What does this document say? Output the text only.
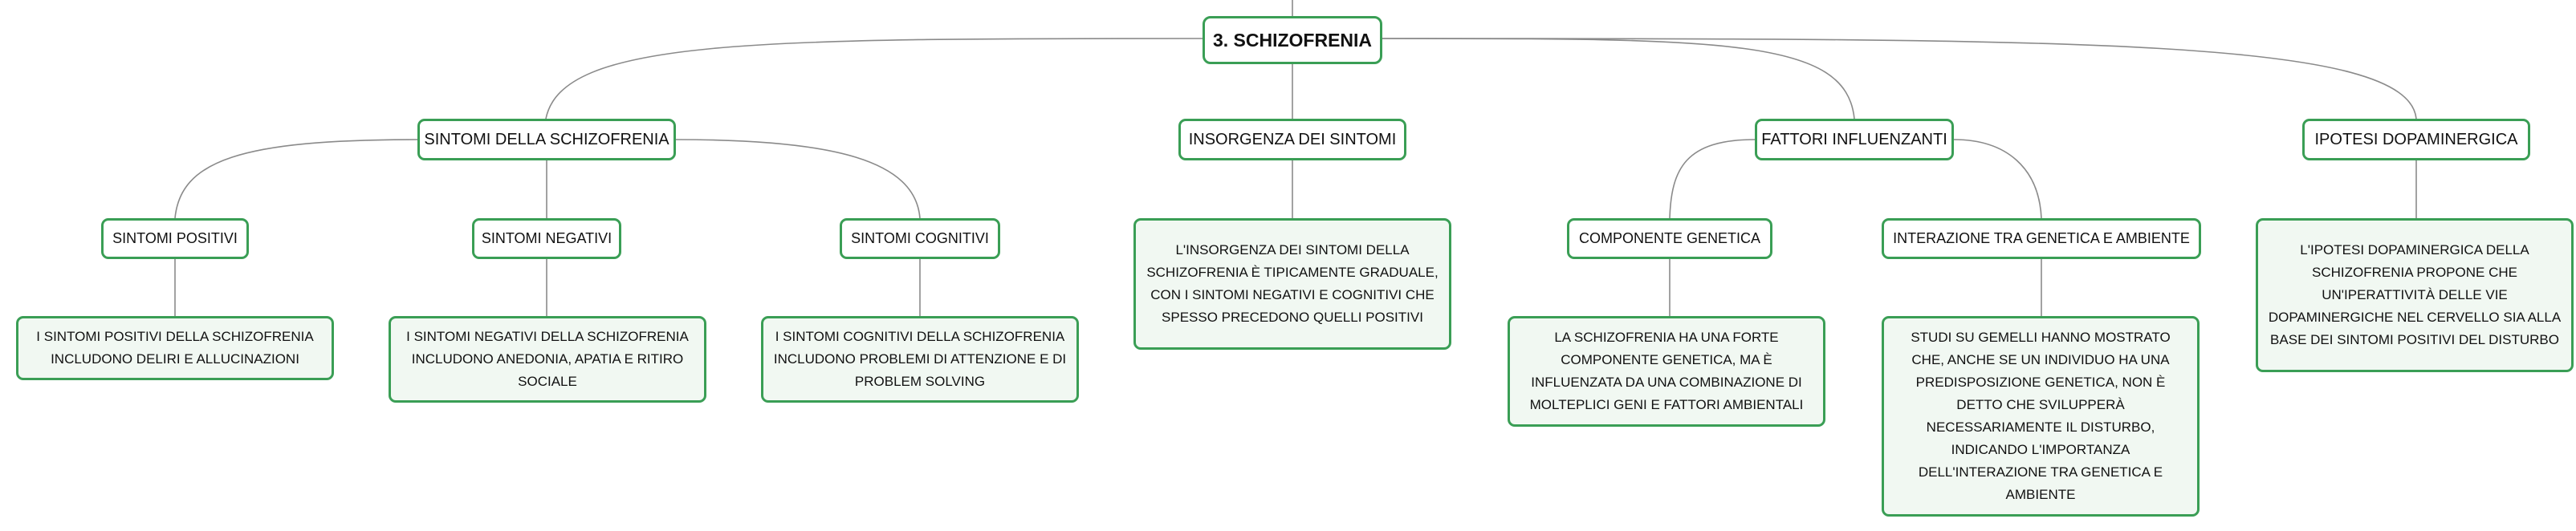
3. SCHIZOFRENIA
SINTOMI DELLA SCHIZOFRENIA
SINTOMI POSITIVI
I SINTOMI POSITIVI DELLA SCHIZOFRENIA INCLUDONO DELIRI E ALLUCINAZIONI
SINTOMI NEGATIVI
I SINTOMI NEGATIVI DELLA SCHIZOFRENIA INCLUDONO ANEDONIA, APATIA E RITIRO SOCIALE
SINTOMI COGNITIVI
I SINTOMI COGNITIVI DELLA SCHIZOFRENIA INCLUDONO PROBLEMI DI ATTENZIONE E DI PROBLEM SOLVING
INSORGENZA DEI SINTOMI
L'INSORGENZA DEI SINTOMI DELLA SCHIZOFRENIA È TIPICAMENTE GRADUALE, CON I SINTOMI NEGATIVI E COGNITIVI CHE SPESSO PRECEDONO QUELLI POSITIVI
FATTORI INFLUENZANTI
COMPONENTE GENETICA
LA SCHIZOFRENIA HA UNA FORTE COMPONENTE GENETICA, MA È INFLUENZATA DA UNA COMBINAZIONE DI MOLTEPLICI GENI E FATTORI AMBIENTALI
INTERAZIONE TRA GENETICA E AMBIENTE
STUDI SU GEMELLI HANNO MOSTRATO CHE, ANCHE SE UN INDIVIDUO HA UNA PREDISPOSIZIONE GENETICA, NON È DETTO CHE SVILUPPERÀ NECESSARIAMENTE IL DISTURBO, INDICANDO L'IMPORTANZA DELL'INTERAZIONE TRA GENETICA E AMBIENTE
IPOTESI DOPAMINERGICA
L'IPOTESI DOPAMINERGICA DELLA SCHIZOFRENIA PROPONE CHE UN'IPERATTIVITÀ DELLE VIE DOPAMINERGICHE NEL CERVELLO SIA ALLA BASE DEI SINTOMI POSITIVI DEL DISTURBO
